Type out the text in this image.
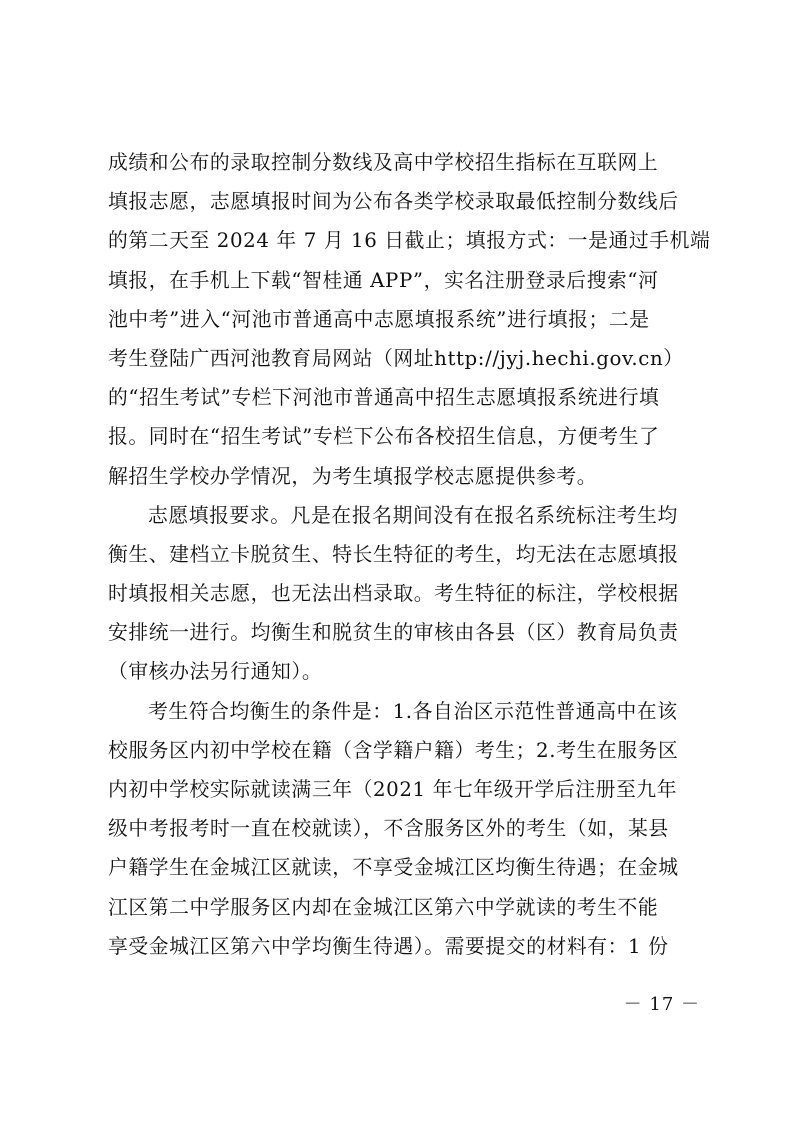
成绩和公布的录取控制分数线及高中学校招生指标在互联网上
填报志愿，志愿填报时间为公布各类学校录取最低控制分数线后
的第二天至 2024 年 7 月 16 日截止；填报方式：一是通过手机端
填报，在手机上下载“智桂通 APP”，实名注册登录后搜索“河
池中考”进入“河池市普通高中志愿填报系统”进行填报；二是
考生登陆广西河池教育局网站（网址http://jyj.hechi.gov.cn）
的“招生考试”专栏下河池市普通高中招生志愿填报系统进行填
报。同时在“招生考试”专栏下公布各校招生信息，方便考生了
解招生学校办学情况，为考生填报学校志愿提供参考。
志愿填报要求。凡是在报名期间没有在报名系统标注考生均
衡生、建档立卡脱贫生、特长生特征的考生，均无法在志愿填报
时填报相关志愿，也无法出档录取。考生特征的标注，学校根据
安排统一进行。均衡生和脱贫生的审核由各县（区）教育局负责
（审核办法另行通知）。
考生符合均衡生的条件是：1.各自治区示范性普通高中在该
校服务区内初中学校在籍（含学籍户籍）考生；2.考生在服务区
内初中学校实际就读满三年（2021 年七年级开学后注册至九年
级中考报考时一直在校就读），不含服务区外的考生（如，某县
户籍学生在金城江区就读，不享受金城江区均衡生待遇；在金城
江区第二中学服务区内却在金城江区第六中学就读的考生不能
享受金城江区第六中学均衡生待遇）。需要提交的材料有：1 份
－ 17 －
